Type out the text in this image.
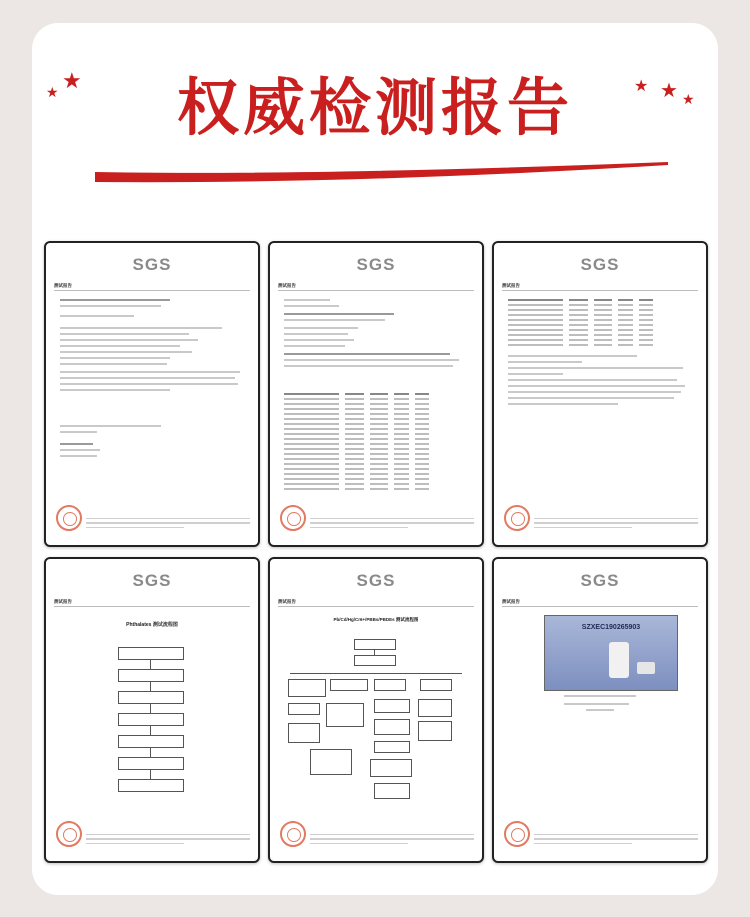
权威检测报告
★
★	★ ★ ★
SGS
测试报告
SGS
测试报告
SGS
测试报告
SGS
测试报告
Phthalates 测试流程图
SGS
测试报告
Pb/Cd/Hg/Cr6+/PBBs/PBDEs 测试流程图
SGS
测试报告
SZXEC190265903
